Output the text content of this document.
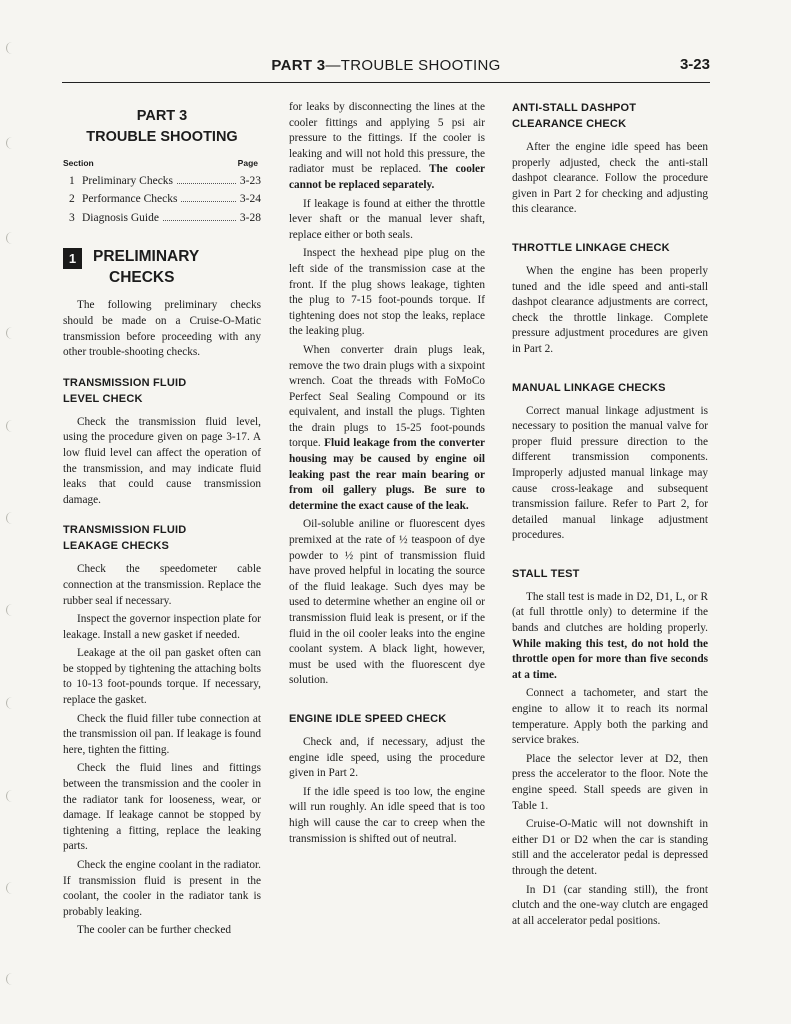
PART 3—TROUBLE SHOOTING	3-23
PART 3
TROUBLE SHOOTING
Section	Page
1 Preliminary Checks	3-23
2 Performance Checks	3-24
3 Diagnosis Guide	3-28
1	PRELIMINARY
CHECKS

The following preliminary checks should be made on a Cruise-O-Matic transmission before proceeding with any other trouble-shooting checks.

TRANSMISSION FLUID
LEVEL CHECK

Check the transmission fluid level, using the procedure given on page 3-17. A low fluid level can affect the operation of the transmission, and may indicate fluid leaks that could cause transmission damage.

TRANSMISSION FLUID
LEAKAGE CHECKS

Check the speedometer cable connection at the transmission. Replace the rubber seal if necessary.

Inspect the governor inspection plate for leakage. Install a new gasket if needed.

Leakage at the oil pan gasket often can be stopped by tightening the attaching bolts to 10-13 foot-pounds torque. If necessary, replace the gasket.

Check the fluid filler tube connection at the transmission oil pan. If leakage is found here, tighten the fitting.

Check the fluid lines and fittings between the transmission and the cooler in the radiator tank for looseness, wear, or damage. If leakage cannot be stopped by tightening a fitting, replace the leaking parts.

Check the engine coolant in the radiator. If transmission fluid is present in the coolant, the cooler in the radiator tank is probably leaking.

The cooler can be further checked

for leaks by disconnecting the lines at the cooler fittings and applying 5 psi air pressure to the fittings. If the cooler is leaking and will not hold this pressure, the radiator must be replaced. The cooler cannot be replaced separately.

If leakage is found at either the throttle lever shaft or the manual lever shaft, replace either or both seals.

Inspect the hexhead pipe plug on the left side of the transmission case at the front. If the plug shows leakage, tighten the plug to 7-15 foot-pounds torque. If tightening does not stop the leaks, replace the leaking plug.

When converter drain plugs leak, remove the two drain plugs with a sixpoint wrench. Coat the threads with FoMoCo Perfect Seal Sealing Compound or its equivalent, and install the plugs. Tighten the drain plugs to 15-25 foot-pounds torque. Fluid leakage from the converter housing may be caused by engine oil leaking past the rear main bearing or from oil gallery plugs. Be sure to determine the exact cause of the leak.

Oil-soluble aniline or fluorescent dyes premixed at the rate of ½ teaspoon of dye powder to ½ pint of transmission fluid have proved helpful in locating the source of the fluid leakage. Such dyes may be used to determine whether an engine oil or transmission fluid leak is present, or if the fluid in the oil cooler leaks into the engine coolant system. A black light, however, must be used with the fluorescent dye solution.

ENGINE IDLE SPEED CHECK

Check and, if necessary, adjust the engine idle speed, using the procedure given in Part 2.

If the idle speed is too low, the engine will run roughly. An idle speed that is too high will cause the car to creep when the transmission is shifted out of neutral.

ANTI-STALL DASHPOT
CLEARANCE CHECK

After the engine idle speed has been properly adjusted, check the anti-stall dashpot clearance. Follow the procedure given in Part 2 for checking and adjusting this clearance.

THROTTLE LINKAGE CHECK

When the engine has been properly tuned and the idle speed and anti-stall dashpot clearance adjustments are correct, check the throttle linkage. Complete pressure adjustment procedures are given in Part 2.

MANUAL LINKAGE CHECKS

Correct manual linkage adjustment is necessary to position the manual valve for proper fluid pressure direction to the different transmission components. Improperly adjusted manual linkage may cause cross-leakage and subsequent transmission failure. Refer to Part 2, for detailed manual linkage adjustment procedures.

STALL TEST

The stall test is made in D2, D1, L, or R (at full throttle only) to determine if the bands and clutches are holding properly. While making this test, do not hold the throttle open for more than five seconds at a time.

Connect a tachometer, and start the engine to allow it to reach its normal temperature. Apply both the parking and service brakes.

Place the selector lever at D2, then press the accelerator to the floor. Note the engine speed. Stall speeds are given in Table 1.

Cruise-O-Matic will not downshift in either D1 or D2 when the car is standing still and the accelerator pedal is depressed through the detent.

In D1 (car standing still), the front clutch and the one-way clutch are engaged at all accelerator pedal positions.
